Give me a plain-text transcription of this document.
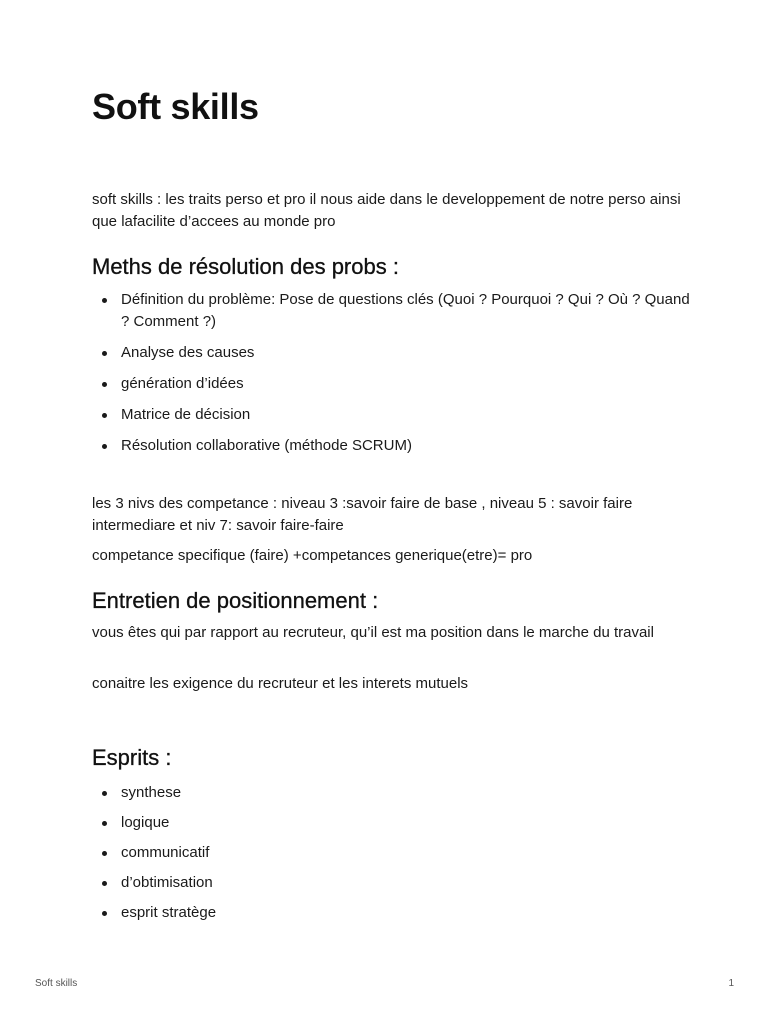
Soft skills

soft skills : les traits perso et pro il nous aide dans le developpement de notre perso ainsi que lafacilite d’accees au monde pro

Meths de résolution des probs :
Définition du problème: Pose de questions clés (Quoi ? Pourquoi ? Qui ? Où ? Quand ? Comment ?)
Analyse des causes
génération d’idées
Matrice de décision
Résolution collaborative (méthode SCRUM)

les 3 nivs des competance : niveau 3 :savoir faire de base , niveau 5 : savoir faire intermediare et niv 7: savoir faire-faire

competance specifique (faire) +competances generique(etre)= pro

Entretien de positionnement :

vous êtes qui par rapport au recruteur, qu’il est ma position dans le marche du travail

conaitre les exigence du recruteur et les interets mutuels

Esprits :
synthese
logique
communicatif
d’obtimisation
esprit stratège
Soft skills	1
